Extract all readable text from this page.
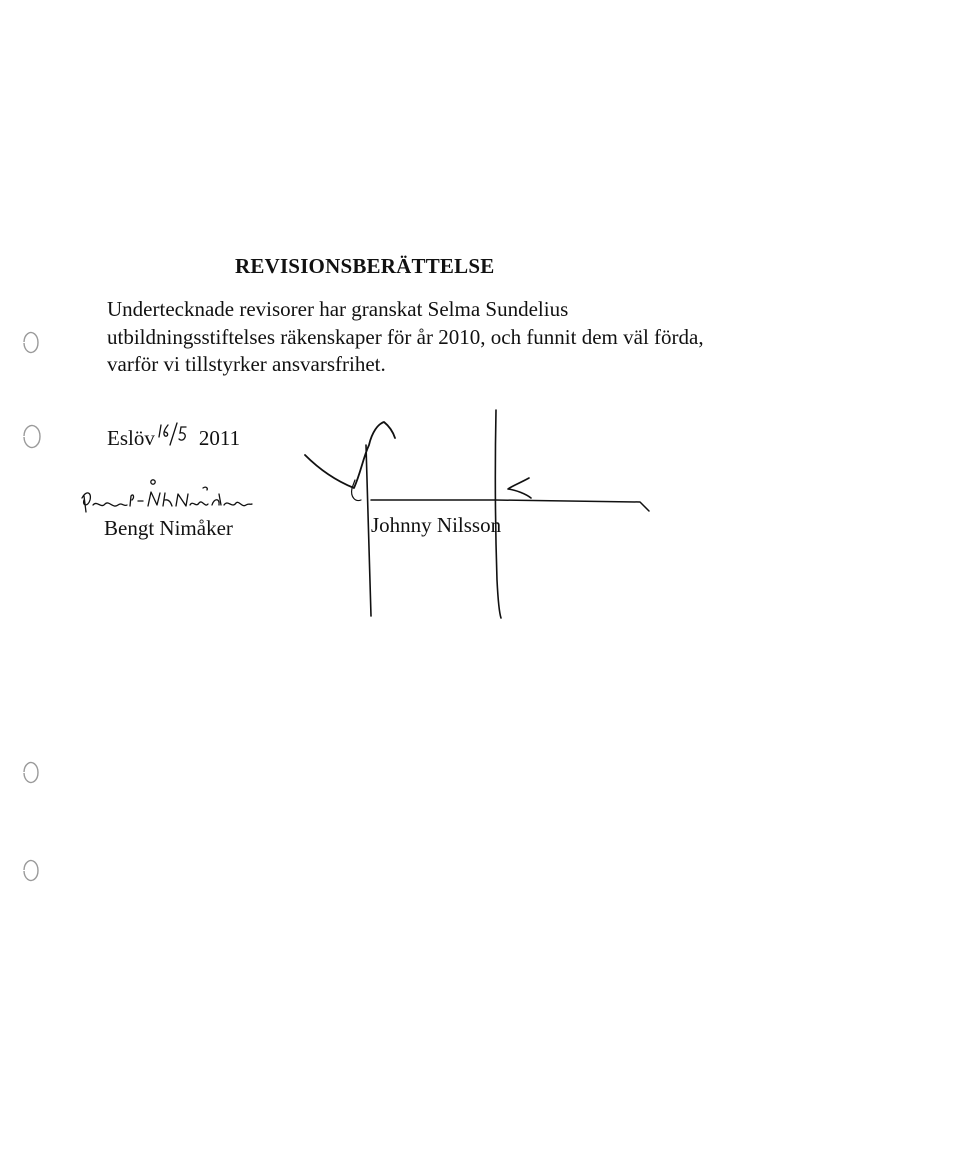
REVISIONSBERÄTTELSE
Undertecknade revisorer har granskat Selma Sundelius
utbildningsstiftelses räkenskaper för år 2010, och funnit dem väl förda,
varför vi tillstyrker ansvarsfrihet.
Eslöv 2011
Bengt Nimåker	Johnny Nilsson
